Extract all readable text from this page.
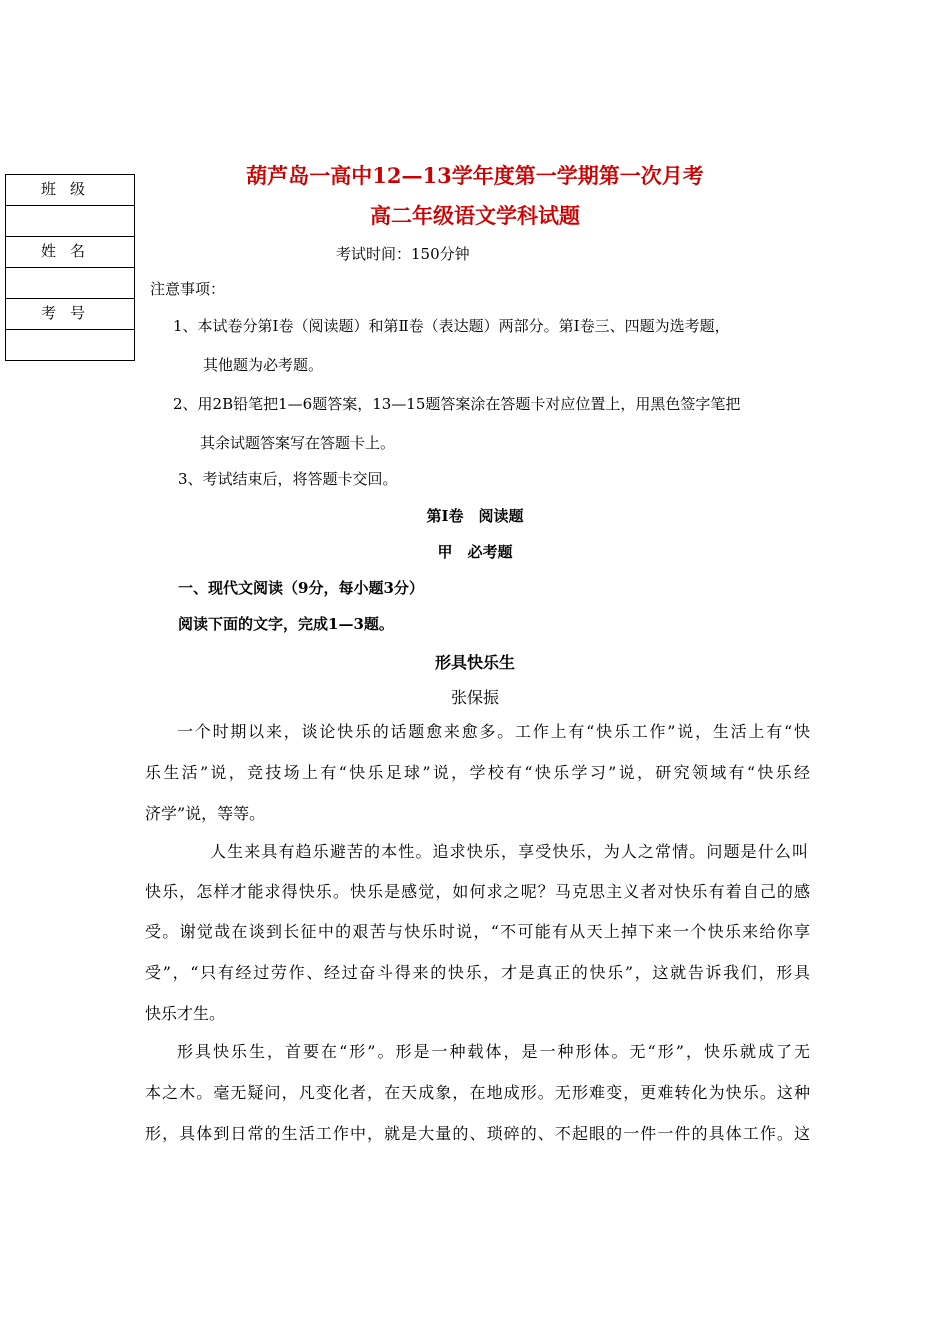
班级

姓名

考号

葫芦岛一高中12—13学年度第一学期第一次月考
高二年级语文学科试题
考试时间：150分钟
注意事项：
1、本试卷分第Ⅰ卷（阅读题）和第Ⅱ卷（表达题）两部分。第Ⅰ卷三、四题为选考题，
其他题为必考题。
2、用2B铅笔把1—6题答案，13—15题答案涂在答题卡对应位置上，用黑色签字笔把
其余试题答案写在答题卡上。
3、考试结束后，将答题卡交回。
第Ⅰ卷　阅读题
甲　必考题
一、现代文阅读（9分，每小题3分）
阅读下面的文字，完成1—3题。
形具快乐生
张保振
一个时期以来，谈论快乐的话题愈来愈多。工作上有“快乐工作”说，生活上有“快
乐生活”说，竞技场上有“快乐足球”说，学校有“快乐学习”说，研究领域有“快乐经
济学”说，等等。
人生来具有趋乐避苦的本性。追求快乐，享受快乐，为人之常情。问题是什么叫
快乐，怎样才能求得快乐。快乐是感觉，如何求之呢？马克思主义者对快乐有着自己的感
受。谢觉哉在谈到长征中的艰苦与快乐时说，“不可能有从天上掉下来一个快乐来给你享
受”，“只有经过劳作、经过奋斗得来的快乐，才是真正的快乐”，这就告诉我们，形具
快乐才生。
形具快乐生，首要在“形”。形是一种载体，是一种形体。无“形”，快乐就成了无
本之木。毫无疑问，凡变化者，在天成象，在地成形。无形难变，更难转化为快乐。这种
形，具体到日常的生活工作中，就是大量的、琐碎的、不起眼的一件一件的具体工作。这
